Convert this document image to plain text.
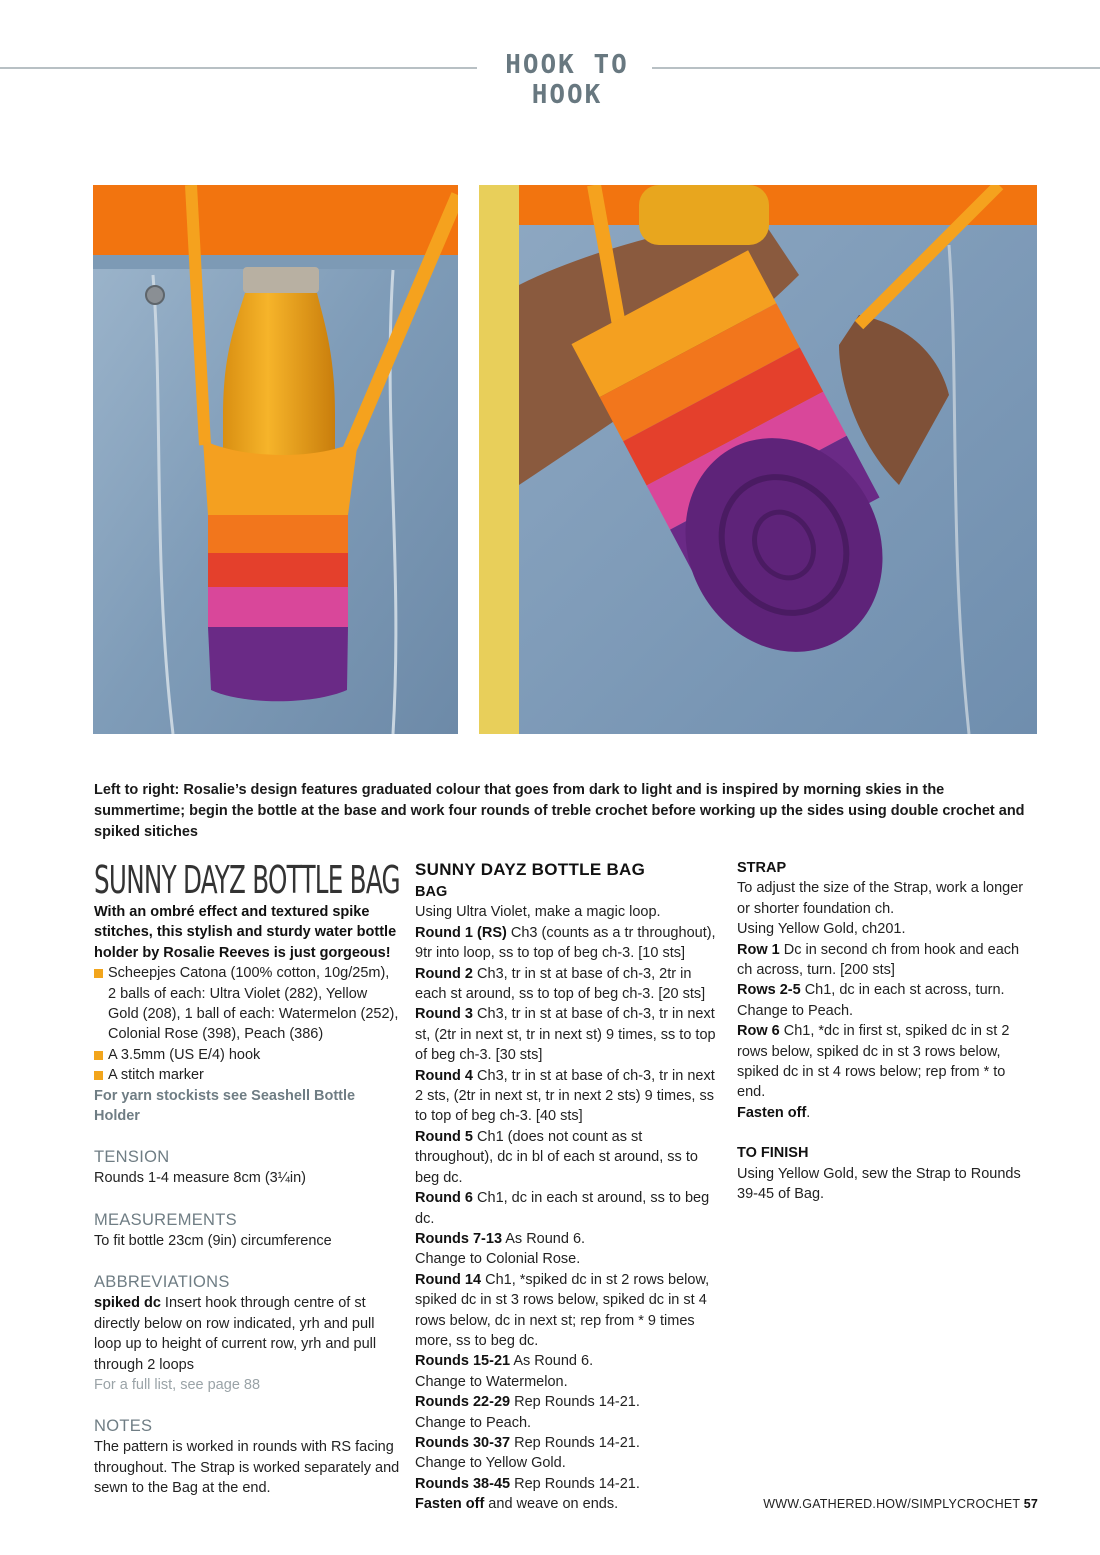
HOOK TO HOOK
Left to right: Rosalie’s design features graduated colour that goes from dark to light and is inspired by morning skies in the summertime; begin the bottle at the base and work four rounds of treble crochet before working up the sides using double crochet and spiked sitiches
SUNNY DAYZ BOTTLE BAG

With an ombré effect and textured spike stitches, this stylish and sturdy water bottle holder by Rosalie Reeves is just gorgeous!

Scheepjes Catona (100% cotton, 10g/25m), 2 balls of each: Ultra Violet (282), Yellow Gold (208), 1 ball of each: Watermelon (252), Colonial Rose (398), Peach (386)
A 3.5mm (US E/4) hook
A stitch marker

For yarn stockists see Seashell Bottle Holder

TENSION

Rounds 1-4 measure 8cm (3¼in)

MEASUREMENTS

To fit bottle 23cm (9in) circumference

ABBREVIATIONS

spiked dc Insert hook through centre of st directly below on row indicated, yrh and pull loop up to height of current row, yrh and pull through 2 loops

For a full list, see page 88

NOTES

The pattern is worked in rounds with RS facing throughout. The Strap is worked separately and sewn to the Bag at the end.

SUNNY DAYZ BOTTLE BAG
BAG

Using Ultra Violet, make a magic loop.

Round 1 (RS) Ch3 (counts as a tr throughout), 9tr into loop, ss to top of beg ch-3. [10 sts]

Round 2 Ch3, tr in st at base of ch-3, 2tr in each st around, ss to top of beg ch-3. [20 sts]

Round 3 Ch3, tr in st at base of ch-3, tr in next st, (2tr in next st, tr in next st) 9 times, ss to top of beg ch-3. [30 sts]

Round 4 Ch3, tr in st at base of ch-3, tr in next 2 sts, (2tr in next st, tr in next 2 sts) 9 times, ss to top of beg ch-3. [40 sts]

Round 5 Ch1 (does not count as st throughout), dc in bl of each st around, ss to beg dc.

Round 6 Ch1, dc in each st around, ss to beg dc.

Rounds 7-13 As Round 6.

Change to Colonial Rose.

Round 14 Ch1, *spiked dc in st 2 rows below, spiked dc in st 3 rows below, spiked dc in st 4 rows below, dc in next st; rep from * 9 times more, ss to beg dc.

Rounds 15-21 As Round 6.

Change to Watermelon.

Rounds 22-29 Rep Rounds 14-21.

Change to Peach.

Rounds 30-37 Rep Rounds 14-21.

Change to Yellow Gold.

Rounds 38-45 Rep Rounds 14-21.

Fasten off and weave on ends.

STRAP

To adjust the size of the Strap, work a longer or shorter foundation ch.

Using Yellow Gold, ch201.

Row 1 Dc in second ch from hook and each ch across, turn. [200 sts]

Rows 2-5 Ch1, dc in each st across, turn.

Change to Peach.

Row 6 Ch1, *dc in first st, spiked dc in st 2 rows below, spiked dc in st 3 rows below, spiked dc in st 4 rows below; rep from * to end.

Fasten off.

TO FINISH

Using Yellow Gold, sew the Strap to Rounds 39-45 of Bag.

WWW.GATHERED.HOW/SIMPLYCROCHET 57
